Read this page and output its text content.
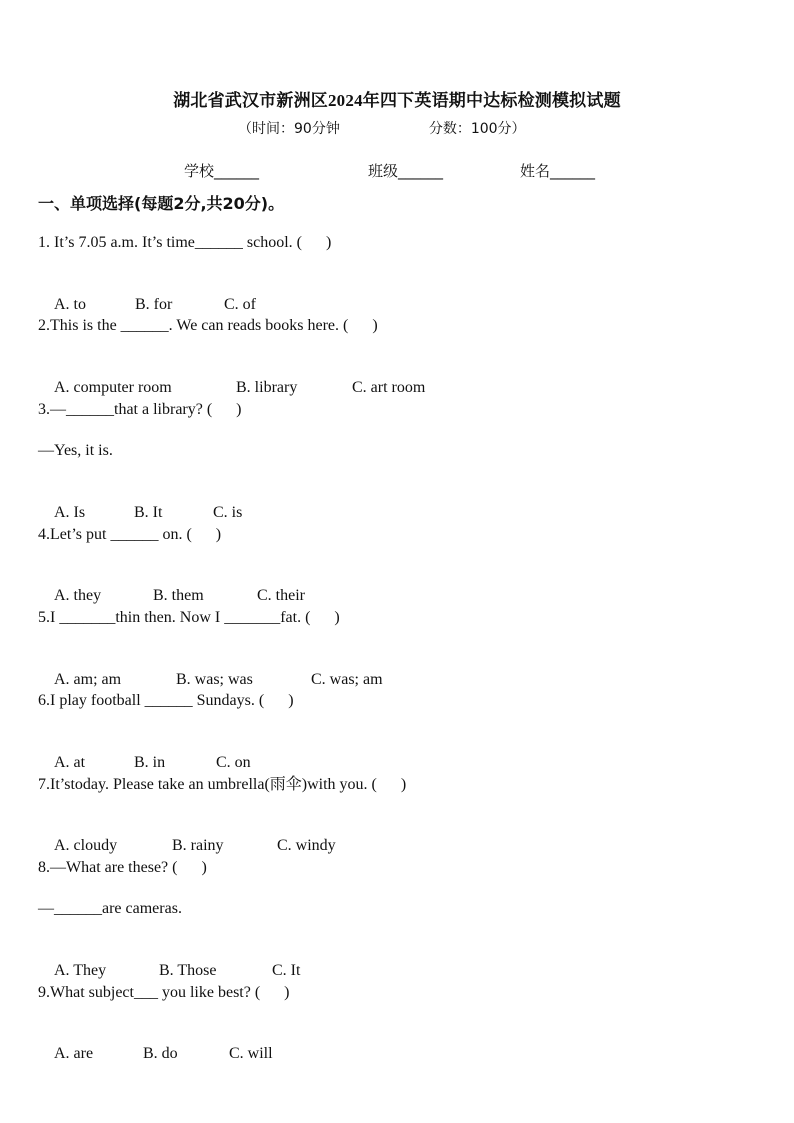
湖北省武汉市新洲区2024年四下英语期中达标检测模拟试题
（时间：90分钟                    分数：100分）
学校______	班级______	姓名______
一、单项选择(每题2分,共20分)。
1. It’s 7.05 a.m. It’s time______ school. (      )

A. to	B. for	C. of

2.This is the ______. We can reads books here. (      )

A. computer room	B. library	C. art room

3.—______that a library? (      )
—Yes, it is.

A. Is	B. It	C. is

4.Let’s put ______ on. (      )

A. they	B. them	C. their

5.I _______thin then. Now I _______fat. (      )

A. am; am	B. was; was	C. was; am

6.I play football ______ Sundays. (      )

A. at	B. in	C. on

7.It’stoday. Please take an umbrella(雨伞)with you. (      )

A. cloudy	B. rainy	C. windy

8.—What are these? (      )
—______are cameras.

A. They	B. Those	C. It

9.What subject___ you like best? (      )

A. are	B. do	C. will
